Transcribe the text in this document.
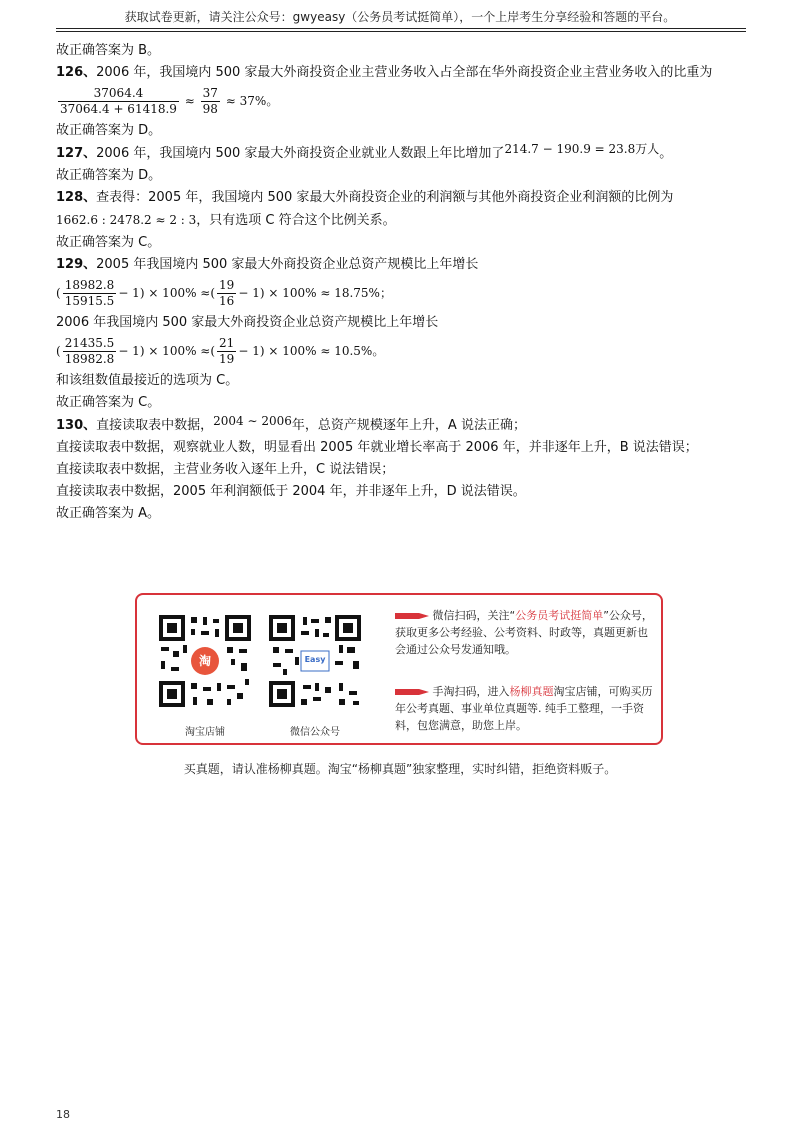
获取试卷更新，请关注公众号：gwyeasy（公务员考试挺简单），一个上岸考生分享经验和答题的平台。

故正确答案为 B。

126、2006 年，我国境内 500 家最大外商投资企业主营业务收入占全部在华外商投资企业主营业务收入的比重为

$\frac{37064.4}{37064.4 + 61418.9} \approx \frac{37}{98} \approx 37\%$。

故正确答案为 D。

127、2006 年，我国境内 500 家最大外商投资企业就业人数跟上年比增加了214.7 − 190.9 = 23.8万人。

故正确答案为 D。

128、查表得：2005 年，我国境内 500 家最大外商投资企业的利润额与其他外商投资企业利润额的比例为

1662.6 : 2478.2 ≈ 2 : 3，只有选项 C 符合这个比例关系。

故正确答案为 C。

129、2005 年我国境内 500 家最大外商投资企业总资产规模比上年增长

( $\frac{18982.8}{15915.5} - 1) \times 100\%$ ≈( $\frac{19}{16} - 1) \times 100\% \approx 18.75\%$；

2006 年我国境内 500 家最大外商投资企业总资产规模比上年增长

( $\frac{21435.5}{18982.8} - 1) \times 100\%$ ≈( $\frac{21}{19} - 1) \times 100\% \approx 10.5\%$。

和该组数值最接近的选项为 C。

故正确答案为 C。

130、直接读取表中数据，2004 ∼ 2006年，总资产规模逐年上升，A 说法正确；

直接读取表中数据，观察就业人数，明显看出 2005 年就业增长率高于 2006 年，并非逐年上升，B 说法错误；

直接读取表中数据，主营业务收入逐年上升，C 说法错误；

直接读取表中数据，2005 年利润额低于 2004 年，并非逐年上升，D 说法错误。

故正确答案为 A。

淘	Easy
淘宝店铺	微信公众号
微信扫码，关注“公务员考试挺简单”公众号，获取更多公考经验、公考资料、时政等，真题更新也会通过公众号发通知哦。
手淘扫码，进入杨柳真题淘宝店铺，可购买历年公考真题、事业单位真题等. 纯手工整理，一手资料，包您满意，助您上岸。
买真题，请认准杨柳真题。淘宝“杨柳真题”独家整理，实时纠错，拒绝资料贩子。
18
